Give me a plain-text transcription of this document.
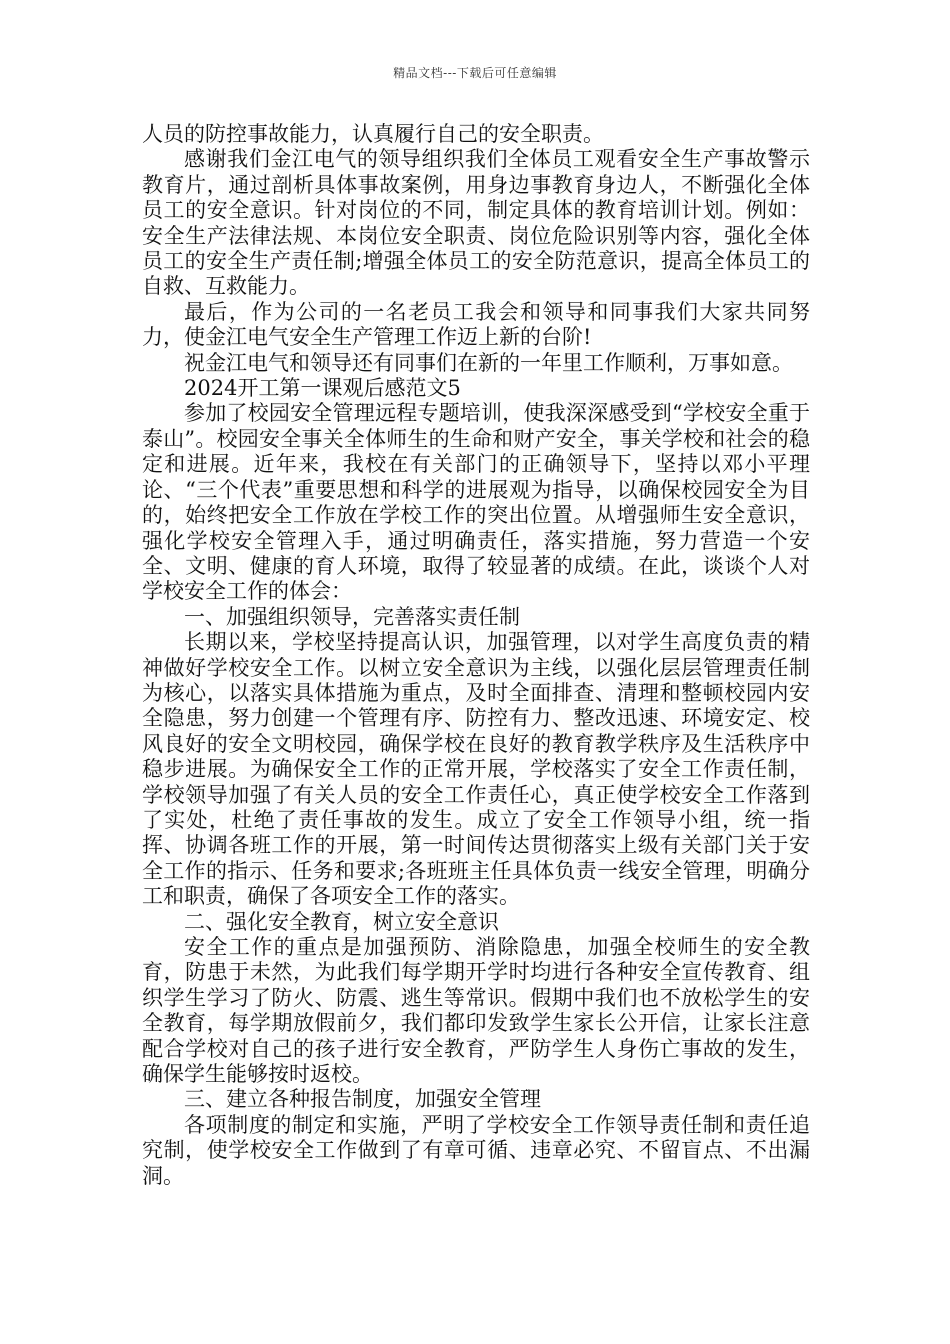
精品文档---下载后可任意编辑

人员的防控事故能力，认真履行自己的安全职责。

感谢我们金江电气的领导组织我们全体员工观看安全生产事故警示教育片，通过剖析具体事故案例，用身边事教育身边人，不断强化全体员工的安全意识。针对岗位的不同，制定具体的教育培训计划。例如：安全生产法律法规、本岗位安全职责、岗位危险识别等内容，强化全体员工的安全生产责任制;增强全体员工的安全防范意识，提高全体员工的自救、互救能力。

最后，作为公司的一名老员工我会和领导和同事我们大家共同努力，使金江电气安全生产管理工作迈上新的台阶!

祝金江电气和领导还有同事们在新的一年里工作顺利，万事如意。

2024开工第一课观后感范文5

参加了校园安全管理远程专题培训，使我深深感受到“学校安全重于泰山”。校园安全事关全体师生的生命和财产安全，事关学校和社会的稳定和进展。近年来，我校在有关部门的正确领导下，坚持以邓小平理论、“三个代表”重要思想和科学的进展观为指导，以确保校园安全为目的，始终把安全工作放在学校工作的突出位置。从增强师生安全意识，强化学校安全管理入手，通过明确责任，落实措施，努力营造一个安全、文明、健康的育人环境，取得了较显著的成绩。在此，谈谈个人对学校安全工作的体会：

一、加强组织领导，完善落实责任制

长期以来，学校坚持提高认识，加强管理，以对学生高度负责的精神做好学校安全工作。以树立安全意识为主线，以强化层层管理责任制为核心，以落实具体措施为重点，及时全面排查、清理和整顿校园内安全隐患，努力创建一个管理有序、防控有力、整改迅速、环境安定、校风良好的安全文明校园，确保学校在良好的教育教学秩序及生活秩序中稳步进展。为确保安全工作的正常开展，学校落实了安全工作责任制，学校领导加强了有关人员的安全工作责任心，真正使学校安全工作落到了实处，杜绝了责任事故的发生。成立了安全工作领导小组，统一指挥、协调各班工作的开展，第一时间传达贯彻落实上级有关部门关于安全工作的指示、任务和要求;各班班主任具体负责一线安全管理，明确分工和职责，确保了各项安全工作的落实。

二、强化安全教育，树立安全意识

安全工作的重点是加强预防、消除隐患，加强全校师生的安全教育，防患于未然，为此我们每学期开学时均进行各种安全宣传教育、组织学生学习了防火、防震、逃生等常识。假期中我们也不放松学生的安全教育，每学期放假前夕，我们都印发致学生家长公开信，让家长注意配合学校对自己的孩子进行安全教育，严防学生人身伤亡事故的发生，确保学生能够按时返校。

三、建立各种报告制度，加强安全管理

各项制度的制定和实施，严明了学校安全工作领导责任制和责任追究制，使学校安全工作做到了有章可循、违章必究、不留盲点、不出漏洞。
